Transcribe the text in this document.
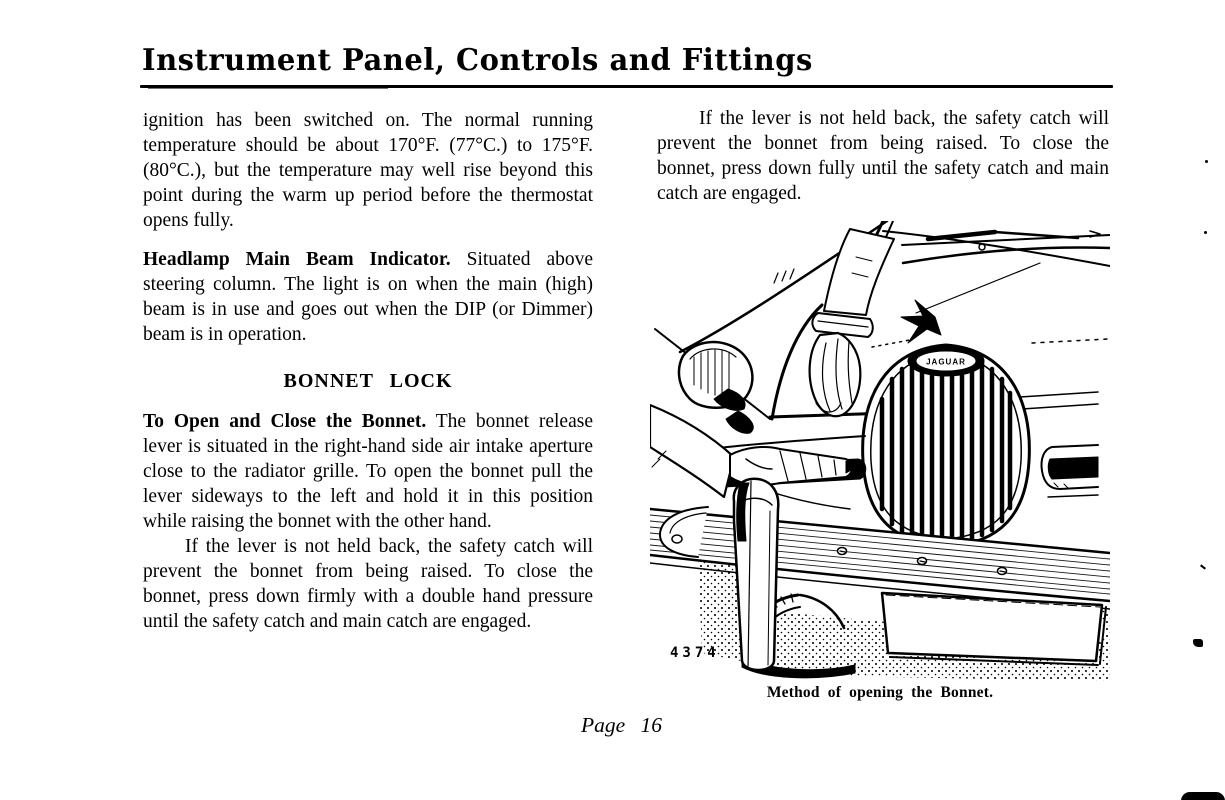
Instrument Panel, Controls and Fittings

ignition has been switched on. The normal running temperature should be about 170°F. (77°C.) to 175°F. (80°C.), but the temperature may well rise beyond this point during the warm up period before the thermostat opens fully.

Headlamp Main Beam Indicator. Situated above steering column. The light is on when the main (high) beam is in use and goes out when the DIP (or Dimmer) beam is in operation.

BONNET LOCK

To Open and Close the Bonnet. The bonnet release lever is situated in the right-hand side air intake aperture close to the radiator grille. To open the bonnet pull the lever sideways to the left and hold it in this position while raising the bonnet with the other hand.

If the lever is not held back, the safety catch will prevent the bonnet from being raised. To close the bonnet, press down firmly with a double hand pressure until the safety catch and main catch are engaged.

If the lever is not held back, the safety catch will prevent the bonnet from being raised. To close the bonnet, press down fully until the safety catch and main catch are engaged.

JAGUAR
4374
Method of opening the Bonnet.
Page 16
